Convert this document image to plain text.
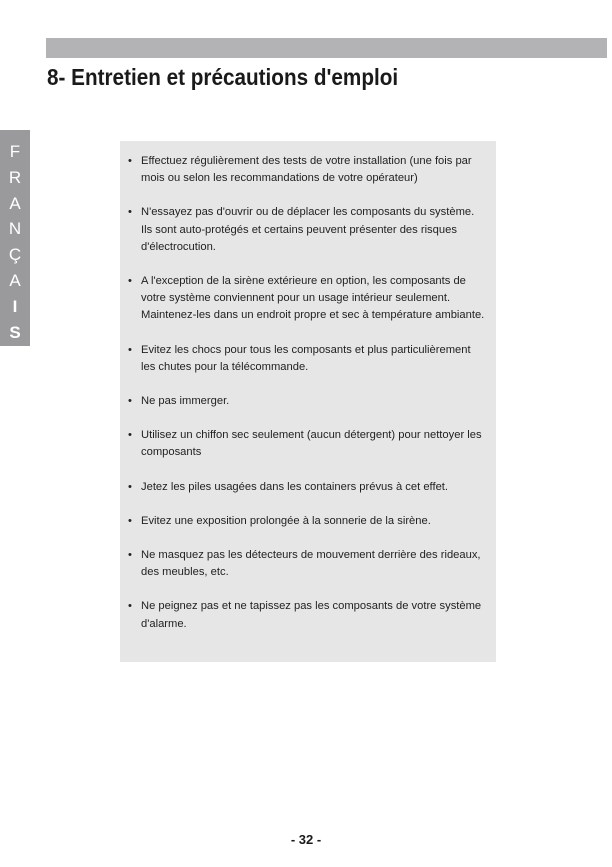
8- Entretien et précautions d'emploi
F
R
A
N
Ç
A
I
S
• Effectuez régulièrement des tests de votre installation (une fois par mois ou selon les recommandations de votre opérateur)
• N'essayez pas d'ouvrir ou de déplacer les composants du système. Ils sont auto-protégés et certains peuvent présenter des risques d'électrocution.
• A l'exception de la sirène extérieure en option, les composants de votre système conviennent pour un usage intérieur seulement. Maintenez-les dans un endroit propre et sec à température ambiante.
• Evitez les chocs pour tous les composants et plus particulièrement les chutes pour la télécommande.
• Ne pas immerger.
• Utilisez un chiffon sec seulement (aucun détergent) pour nettoyer les composants
• Jetez les piles usagées dans les containers prévus à cet effet.
• Evitez une exposition prolongée à la sonnerie de la sirène.
• Ne masquez pas les détecteurs de mouvement derrière des rideaux, des meubles, etc.
• Ne peignez pas et ne tapissez pas les composants de votre système d'alarme.
- 32 -
